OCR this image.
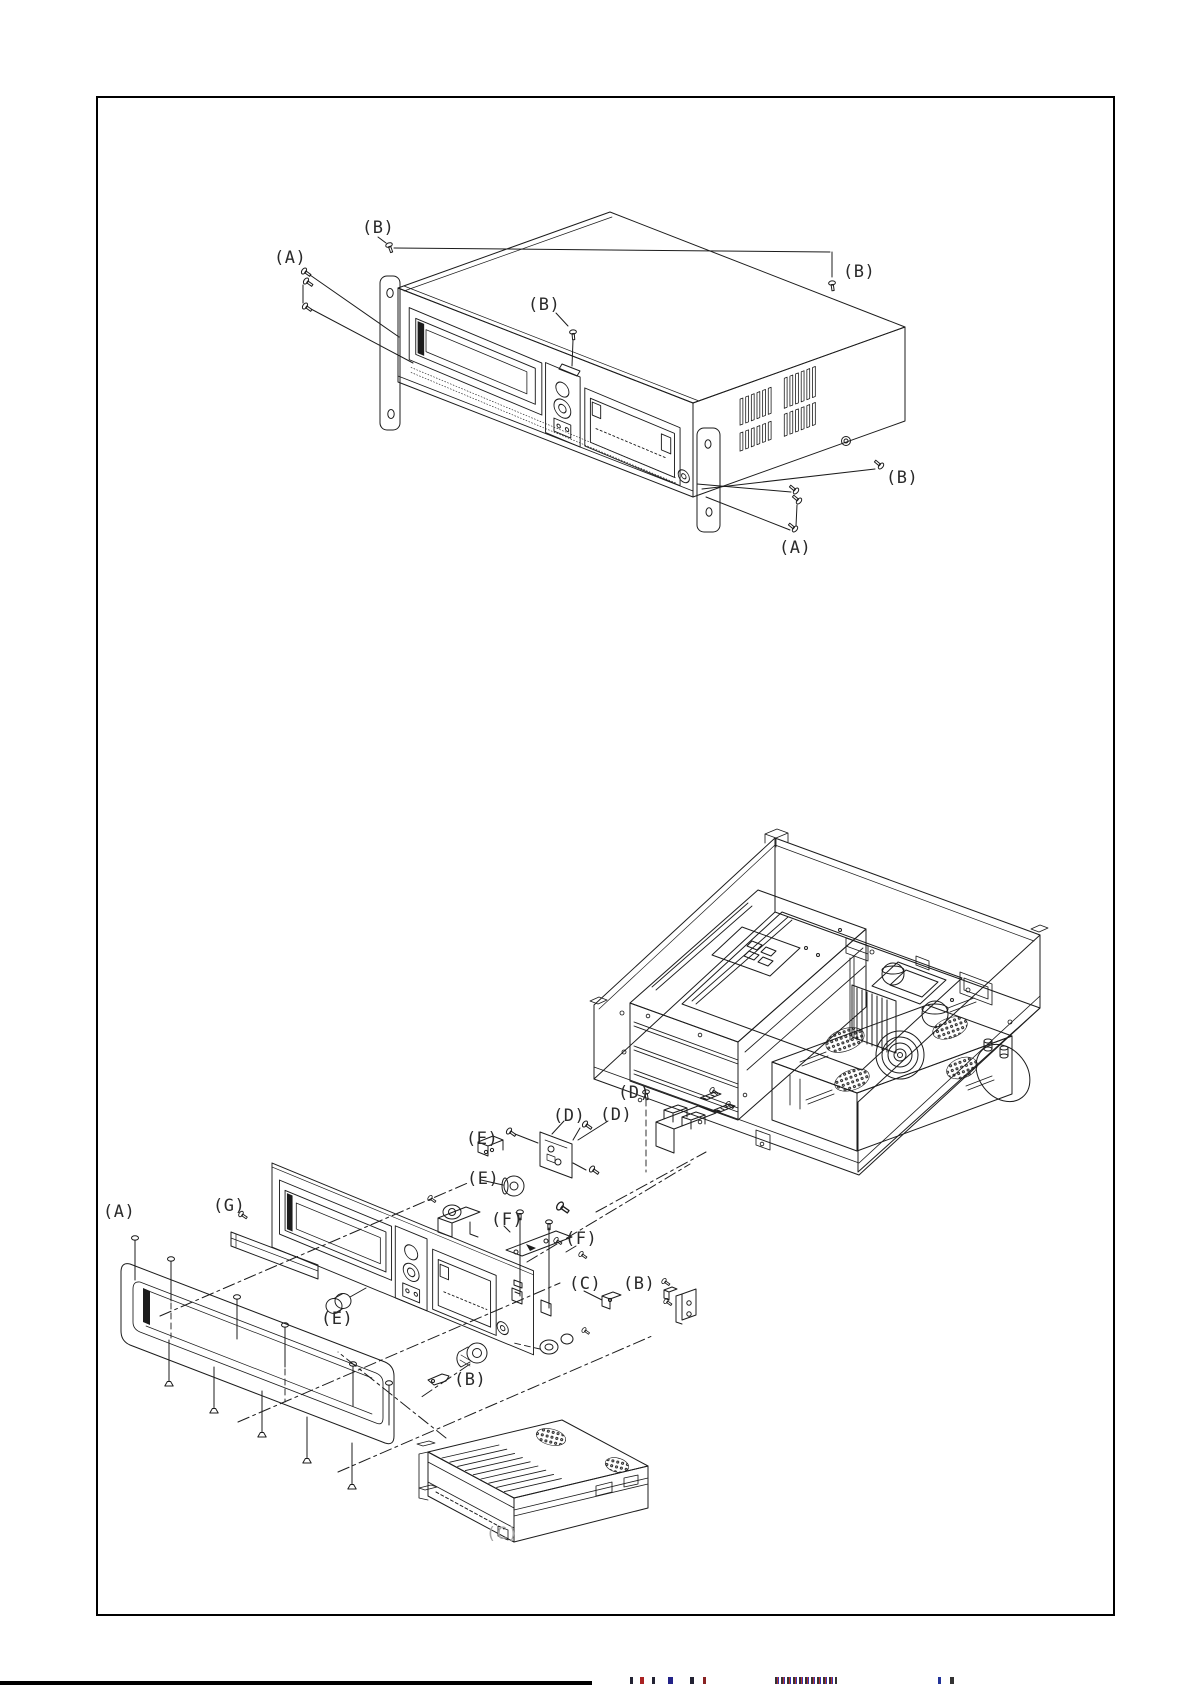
(B)
(A)
(B)
(B)
(B)
(A)
(D)
(D) (D)
(E)
(E)
(G)
(A)
(E)
(F)
(F)
(C) (B)
(B)
(C)
